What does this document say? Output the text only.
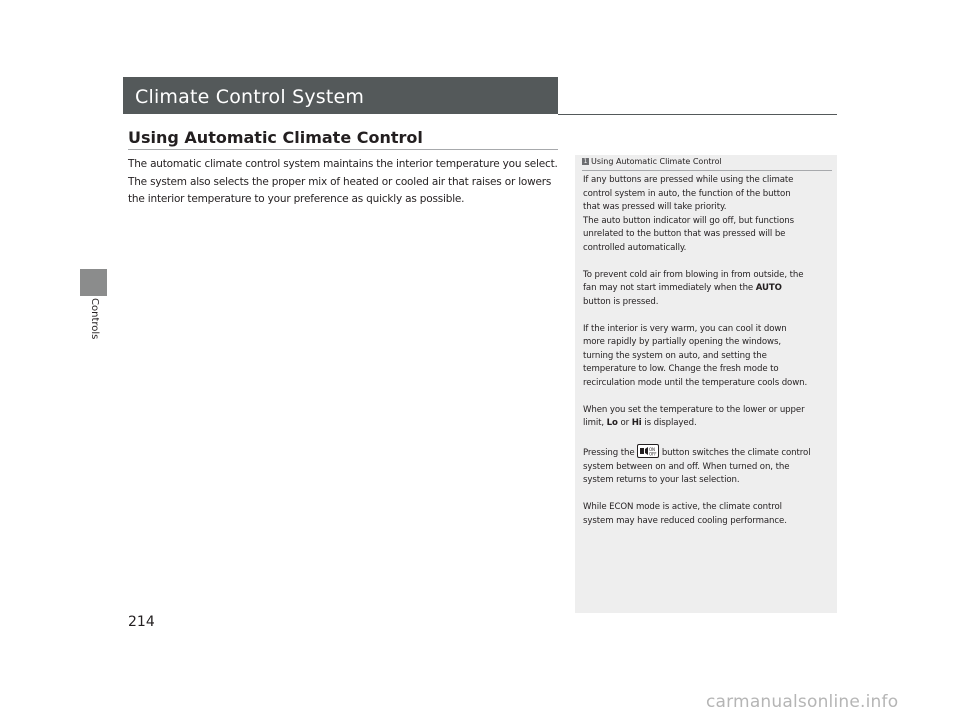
Controls
Climate Control System
Using Automatic Climate Control
The automatic climate control system maintains the interior temperature you select.
The system also selects the proper mix of heated or cooled air that raises or lowers
the interior temperature to your preference as quickly as possible.
1 Using Automatic Climate Control

If any buttons are pressed while using the climate
control system in auto, the function of the button
that was pressed will take priority.
The auto button indicator will go off, but functions
unrelated to the button that was pressed will be
controlled automatically.

To prevent cold air from blowing in from outside, the
fan may not start immediately when the AUTO
button is pressed.

If the interior is very warm, you can cool it down
more rapidly by partially opening the windows,
turning the system on auto, and setting the
temperature to low. Change the fresh mode to
recirculation mode until the temperature cools down.

When you set the temperature to the lower or upper
limit, Lo or Hi is displayed.

Pressing the	ON
OFF button switches the climate control
system between on and off. When turned on, the
system returns to your last selection.

While ECON mode is active, the climate control
system may have reduced cooling performance.

214
carmanualsonline.info
